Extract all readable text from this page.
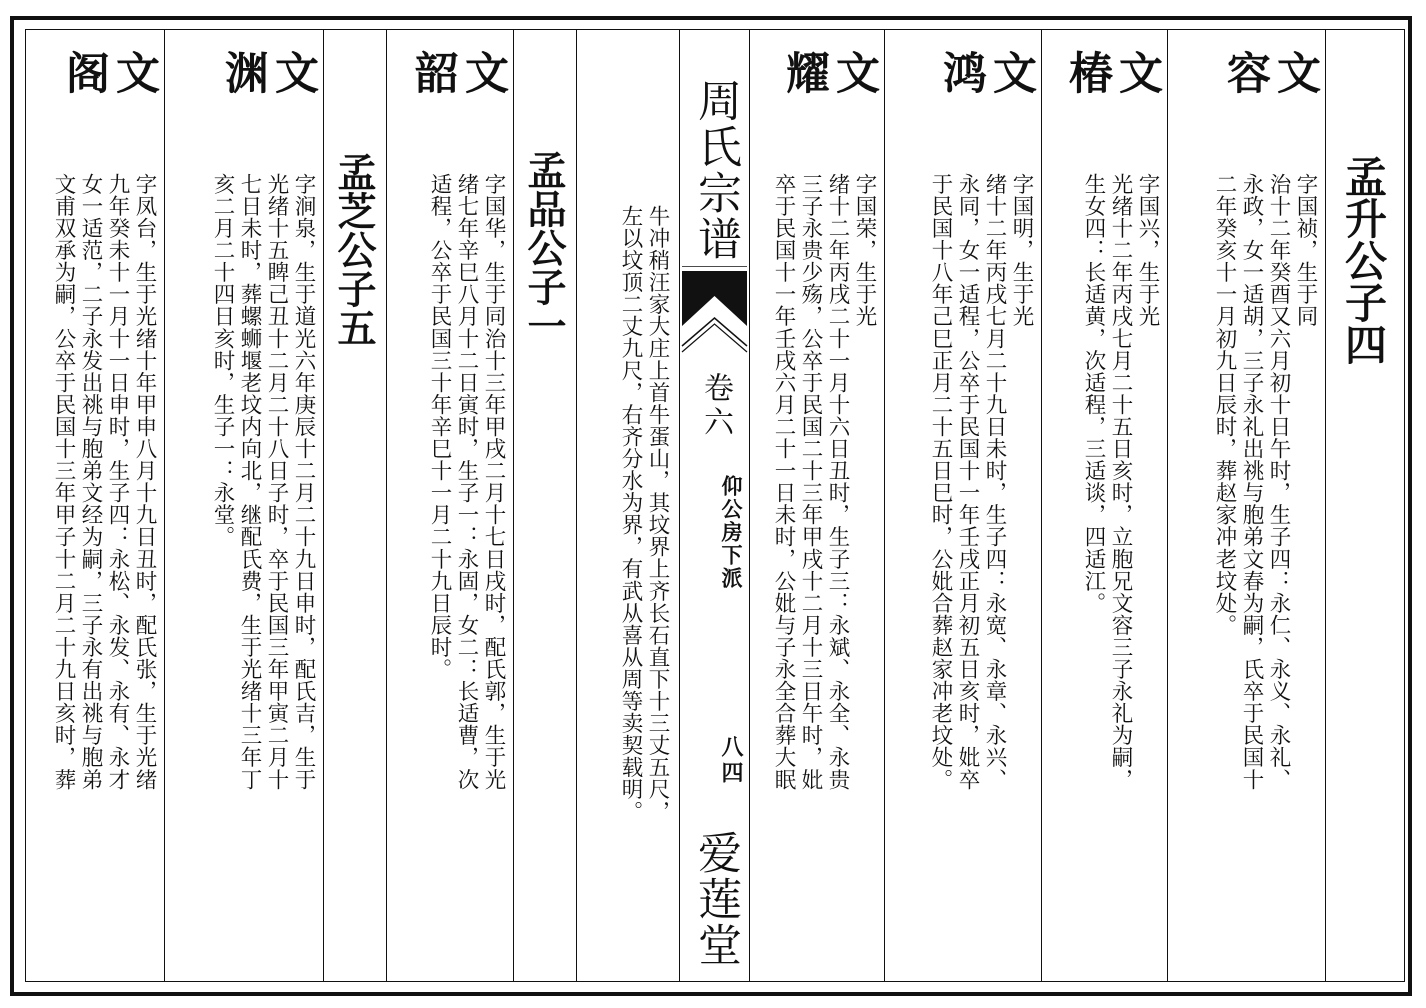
孟升公子四
文
容
字国祯，生于同
治十二年癸酉又六月初十日午时，生子四：永仁、永义、永礼、
永政，女一适胡，三子永礼出祧与胞弟文春为嗣，氏卒于民国十
二年癸亥十一月初九日辰时，葬赵家冲老坟处。
文
椿
字国兴，生于光
光绪十二年丙戌七月二十五日亥时，立胞兄文容三子永礼为嗣，
生女四：长适黄，次适程，三适谈，四适江。
文
鸿
字国明，生于光
绪十二年丙戌七月二十九日未时，生子四：永宽、永章、永兴、
永同，女一适程，公卒于民国十一年壬戌正月初五日亥时，妣卒
于民国十八年己巳正月二十五日巳时，公妣合葬赵家冲老坟处。
文
耀
字国荣，生于光
绪十二年丙戌二十一月十六日丑时，生子三：永斌、永全、永贵
三子永贵少殇，公卒于民国二十三年甲戌十二月十三日午时，妣
卒于民国十一年壬戌六月二十一日未时，公妣与子永全合葬大眠
周氏宗谱
卷六
仰公房下派
八四
爱莲堂
牛冲稍汪家大庄上首牛蛋山，其坟界上齐长石直下十三丈五尺，
左以坟顶二丈九尺，右齐分水为界，有武从喜从周等卖契载明。
孟品公子一
文
韶
字国华，生于同治十三年甲戌二月十七日戌时，配氏郭，生于光
绪七年辛巳八月十二日寅时，生子一：永固，女二：长适曹，次
适程，公卒于民国三十年辛巳十一月二十九日辰时。
孟芝公子五
文
渊
字涧泉，生于道光六年庚辰十二月二十九日申时，配氏吉，生于
光绪十五睥己丑十二月二十八日子时，卒于民国三年甲寅二月十
七日未时，葬螺蛳堰老坟内向北，继配氏费，生于光绪十三年丁
亥二月二十四日亥时，生子一：永堂。
文
阁
字凤台，生于光绪十年甲申八月十九日丑时，配氏张，生于光绪
九年癸未十一月十一日申时，生子四：永松、永发、永有、永才
女一适范，二子永发出祧与胞弟文经为嗣，三子永有出祧与胞弟
文甫双承为嗣，公卒于民国十三年甲子十二月二十九日亥时，葬
